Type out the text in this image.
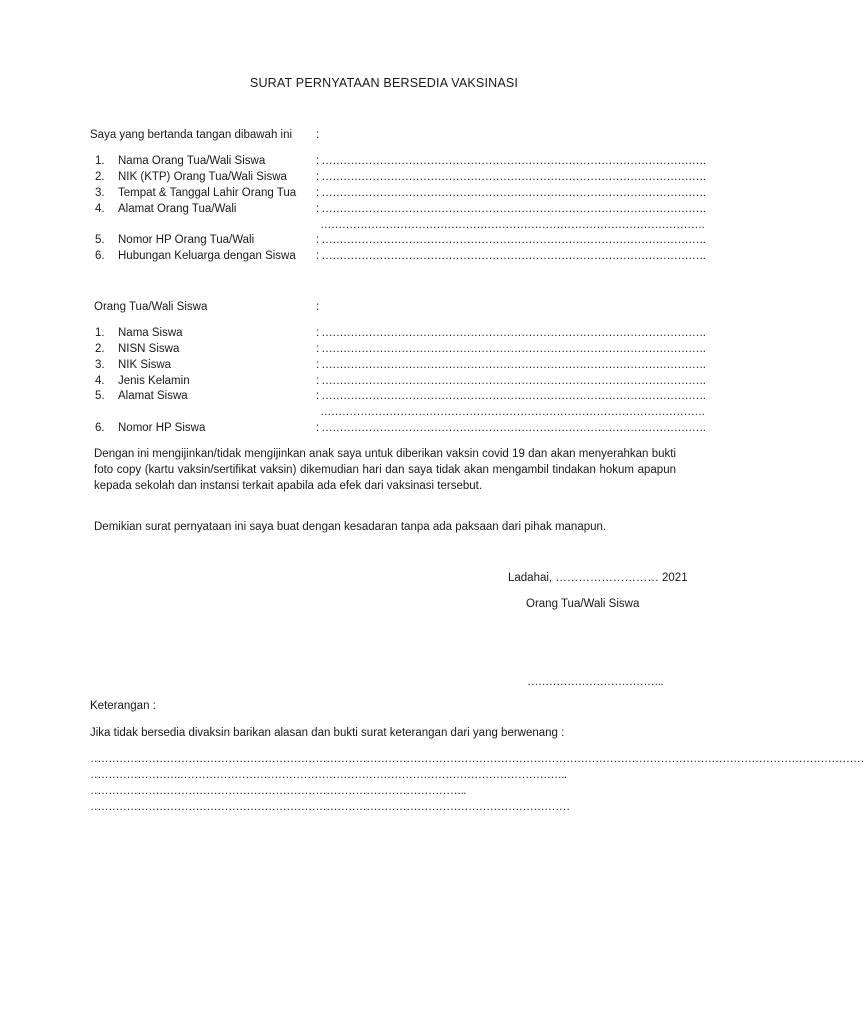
SURAT PERNYATAAN BERSEDIA VAKSINASI
Saya yang bertanda tangan dibawah ini :
1.	Nama Orang Tua/Wali Siswa	: …………………………………………………………………………………………….
2.	NIK (KTP) Orang Tua/Wali Siswa	: …………………………………………………………………………………………….
3.	Tempat & Tanggal Lahir Orang Tua : …………………………………………………………………………………………….
4.	Alamat Orang Tua/Wali	: …………………………………………………………………………………………….
…………………………………………………………………………………………….
5.	Nomor HP Orang Tua/Wali	: …………………………………………………………………………………………….
6.	Hubungan Keluarga dengan Siswa : …………………………………………………………………………………………….
Orang Tua/Wali Siswa	:
1.	Nama Siswa	: …………………………………………………………………………………………….
2.	NISN Siswa	: …………………………………………………………………………………………….
3.	NIK Siswa	: …………………………………………………………………………………………….
4.	Jenis Kelamin	: …………………………………………………………………………………………….
5.	Alamat Siswa	: …………………………………………………………………………………………….
…………………………………………………………………………………………….
6.	Nomor HP Siswa	: …………………………………………………………………………………………….
Dengan ini mengijinkan/tidak mengijinkan anak saya untuk diberikan vaksin covid 19 dan akan menyerahkan bukti foto copy (kartu vaksin/sertifikat vaksin) dikemudian hari dan saya tidak akan mengambil tindakan hokum apapun kepada sekolah dan instansi terkait apabila ada efek dari vaksinasi tersebut.
Demikian surat pernyataan ini saya buat dengan kesadaran tanpa ada paksaan dari pihak manapun.
Ladahai, ……………………… 2021
Orang Tua/Wali Siswa
………………………………..
Keterangan :
Jika tidak bersedia divaksin barikan alasan dan bukti surat keterangan dari yang berwenang :
……………………………………………………………………………………………………………………………………………………………………………………………
…………………….……………………………………………………………………………………………..
…………………………………………………………………………………………..
……………………………………………………………………………………………………………………
